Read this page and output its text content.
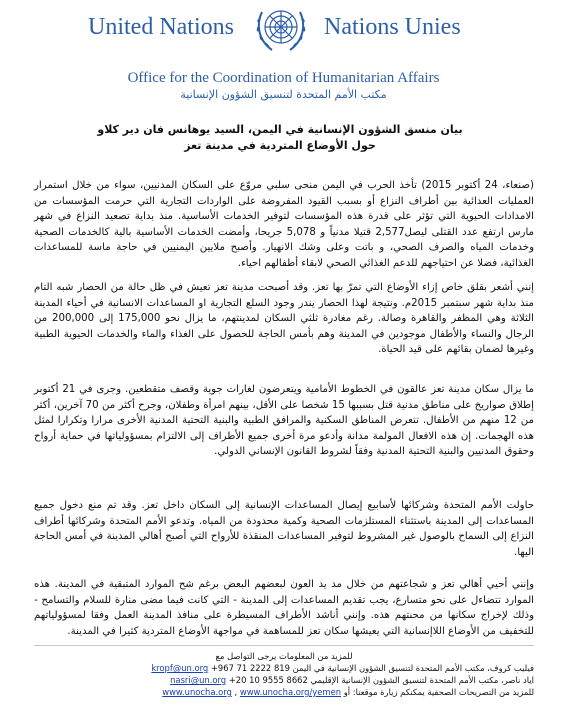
United Nations	Nations Unies
Office for the Coordination of Humanitarian Affairs
مكتب الأمم المتحدة لتنسيق الشؤون الإنسانية
بيان منسق الشؤون الإنسانية في اليمن، السيد يوهانس فان دير كلاو
حول الأوضاع المتردية في مدينة تعز
(صنعاء، 24 أكتوبر 2015) تأخذ الحرب في اليمن منحى سلبي مروّع على السكان المدنيين، سواء من خلال استمرار العمليات العدائية بين أطراف النزاع أو بسبب القيود المفروضة على الواردات التجارية التي حرمت المؤسسات من الامدادات الحيوية التي تؤثر على قدرة هذه المؤسسات لتوفير الخدمات الأساسية. منذ بداية تصعيد النزاع في شهر مارس ارتفع عدد القتلى ليصل2,577 قتيلا مدنياً و 5,078 جريحا، وأمضت الخدمات الأساسية بالية كالخدمات الصحية وخدمات المياه والصرف الصحي، و باتت وعلى وشك الانهيار. وأصبح ملايين اليمنيين في حاجة ماسة للمساعدات الغذائية، فضلا عن احتياجهم للدعم الغذائي الصحي لابقاء أطفالهم احياء.
إنني أشعر بقلق خاص إزاء الأوضاع التي تمرّ بها تعز. وقد أصبحت مدينة تعز تعيش في ظل حالة من الحصار شبه التام منذ بداية شهر سبتمبر 2015م. ونتيجة لهذا الحصار يندر وجود السلع التجارية او المساعدات الانسانية في أحياء المدينة الثلاثة وهي المظفر والقاهرة وصالة. رغم مغادرة ثلثي السكان لمدينتهم، ما يزال نحو 175,000 إلى 200,000 من الرجال والنساء والأطفال موجودين في المدينة وهم بأمس الحاجة للحصول على الغذاء والماء والخدمات الحيوية الطبية وغيرها لضمان بقائهم على قيد الحياة.
ما يزال سكان مدينة تعز عالقون في الخطوط الأمامية ويتعرضون لغارات جوية وقصف متقطعين. وجرى في 21 أكتوبر إطلاق صواريخ على مناطق مدنية قتل بسببها 15 شخصا على الأقل، بينهم امرأة وطفلان، وجرح أكثر من 70 آخرين، أكثر من 12 منهم من الأطفال. تتعرض المناطق السكنية والمرافق الطبية والبنية التحتية المدنية الأخرى مرارا وتكرارا لمثل هذه الهجمات. إن هذه الافعال المولمة مدانة وأدعو مرة أخرى جميع الأطراف إلى الالتزام بمسؤولياتها في حماية أرواح وحقوق المدنيين والبنية التحتية المدنية وفقاً لشروط القانون الإنساني الدولي.
حاولت الأمم المتحدة وشركائها لأسابيع إيصال المساعدات الإنسانية إلى السكان داخل تعز. وقد تم منع دخول جميع المساعدات إلى المدينة باستثناء المستلزمات الصحية وكمية محدودة من المياه. وتدعو الأمم المتحدة وشركائها أطراف النزاع إلى السماح بالوصول غير المشروط لتوفير المساعدات المنقذة للأرواح التي أصبح أهالي المدينة في أمس الحاجة اليها.
وإنني أحيي أهالي تعز و شجاعتهم من خلال مد يد العون لبعضهم البعض برغم شح الموارد المتبقية في المدينة. هذه الموارد تتضاءل على نحو متسارع، يجب تقديم المساعدات إلى المدينة - التي كانت فيما مضى منارة للسلام والتسامح - وذلك لإخراج سكانها من محنتهم هذه. وإنني أناشد الأطراف المسيطرة على منافذ المدينة العمل وفقا لمسؤولياتهم للتخفيف من الأوضاع اللاإنسانية التي يعيشها سكان تعز للمساهمة في مواجهة الأوضاع المتردية كثيرا في المدينة.
للمزيد من المعلومات يرجى التواصل مع
فيليب كروف، مكتب الأمم المتحدة لتنسيق الشؤون الإنسانية في اليمن 819 2222 71 967+ kropf@un.org
اياد ناصر، مكتب الأمم المتحدة لتنسيق الشؤون الإنسانية الإقليمي 8662 9555 10 20+ nasri@un.org
للمزيد من التصريحات الصحفية يمكنكم زيارة موقعنا: أو www.unocha.org , www.unocha.org/yemen
